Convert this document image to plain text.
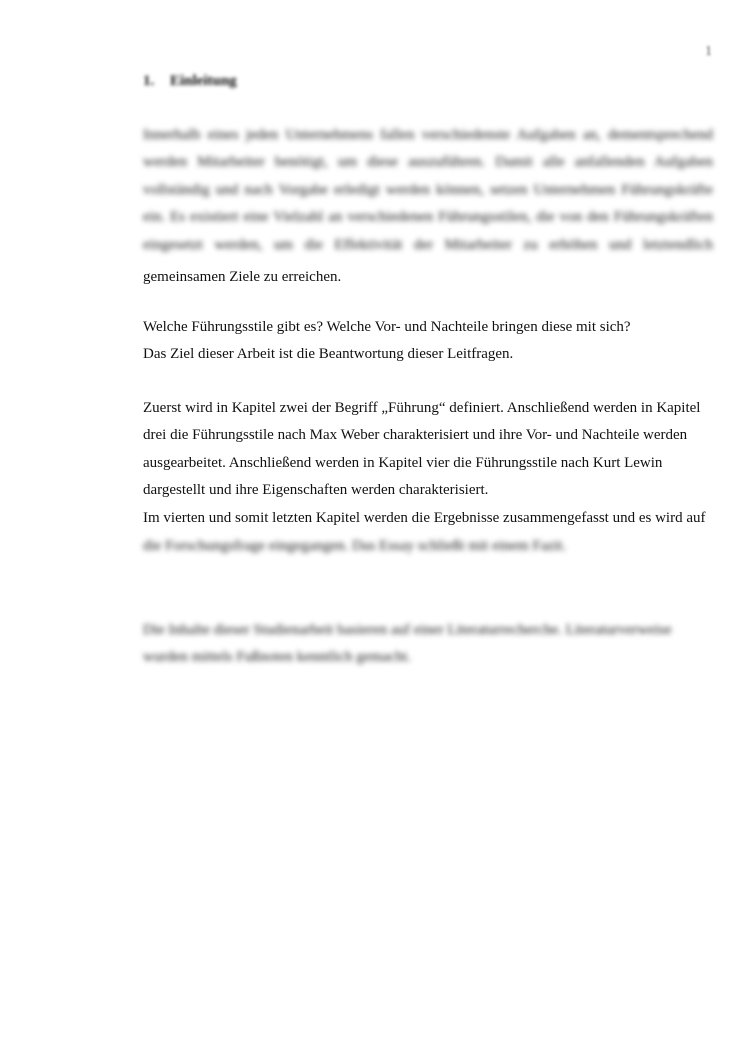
1
1. Einleitung
Innerhalb eines jeden Unternehmens fallen verschiedenste Aufgaben an, dementsprechend
werden Mitarbeiter benötigt, um diese auszuführen. Damit alle anfallenden Aufgaben
vollständig und nach Vorgabe erledigt werden können, setzen Unternehmen Führungskräfte
ein. Es existiert eine Vielzahl an verschiedenen Führungsstilen, die von den Führungskräften
eingesetzt werden, um die Effektivität der Mitarbeiter zu erhöhen und letztendlich
gemeinsamen Ziele zu erreichen.
Welche Führungsstile gibt es? Welche Vor- und Nachteile bringen diese mit sich?
Das Ziel dieser Arbeit ist die Beantwortung dieser Leitfragen.
Zuerst wird in Kapitel zwei der Begriff „Führung“ definiert. Anschließend werden in Kapitel
drei die Führungsstile nach Max Weber charakterisiert und ihre Vor- und Nachteile werden
ausgearbeitet. Anschließend werden in Kapitel vier die Führungsstile nach Kurt Lewin
dargestellt und ihre Eigenschaften werden charakterisiert.
Im vierten und somit letzten Kapitel werden die Ergebnisse zusammengefasst und es wird auf
die Forschungsfrage eingegangen. Das Essay schließt mit einem Fazit.
Die Inhalte dieser Studienarbeit basieren auf einer Literaturrecherche. Literaturverweise
wurden mittels Fußnoten kenntlich gemacht.
